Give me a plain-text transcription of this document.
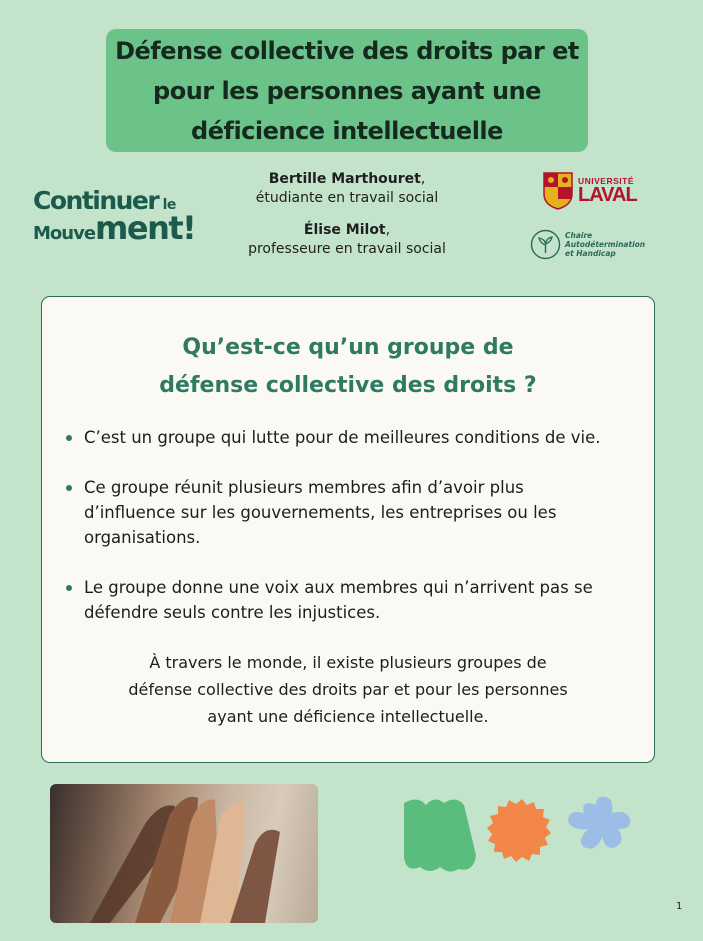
Défense collective des droits par et
pour les personnes ayant une
déficience intellectuelle
Continuer le
Mouvement!
Bertille Marthouret,
étudiante en travail social
Élise Milot,
professeure en travail social
UNIVERSITÉ
LAVAL
Chaire
Autodétermination
et Handicap
Qu’est-ce qu’un groupe de
défense collective des droits ?
C’est un groupe qui lutte pour de meilleures conditions de vie.
Ce groupe réunit plusieurs membres afin d’avoir plus
d’influence sur les gouvernements, les entreprises ou les
organisations.
Le groupe donne une voix aux membres qui n’arrivent pas se
défendre seuls contre les injustices.
À travers le monde, il existe plusieurs groupes de
défense collective des droits par et pour les personnes
ayant une déficience intellectuelle.
1
